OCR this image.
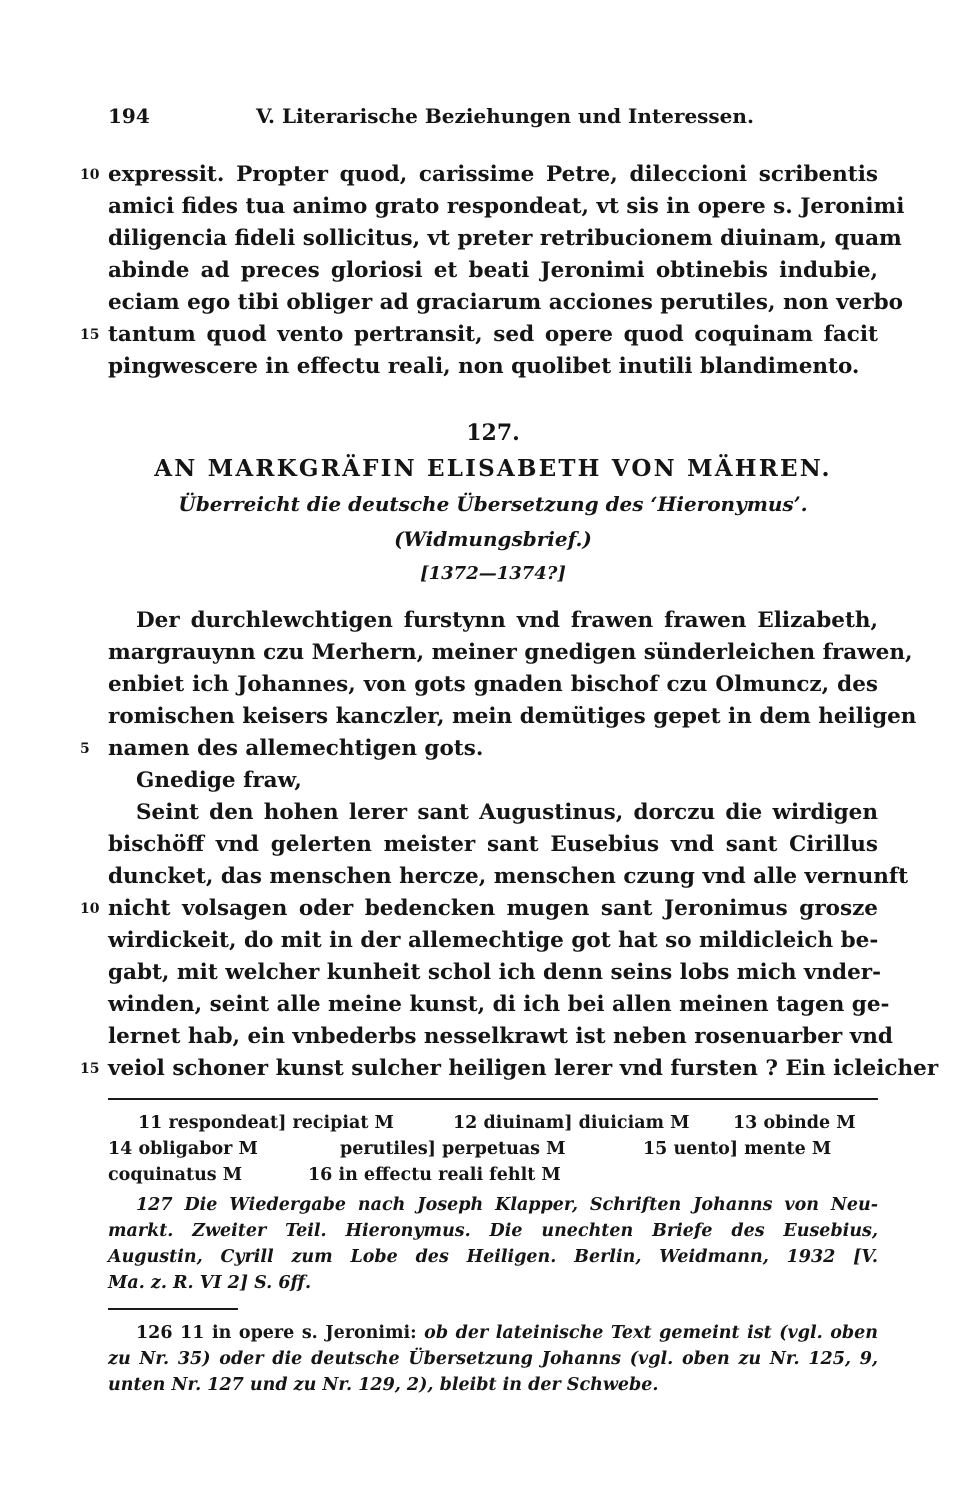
194	V. Literarische Beziehungen und Interessen.
10 expressit. Propter quod, carissime Petre, dileccioni scribentis
amici fides tua animo grato respondeat, vt sis in opere s. Jeronimi
diligencia fideli sollicitus, vt preter retribucionem diuinam, quam
abinde ad preces gloriosi et beati Jeronimi obtinebis indubie,
eciam ego tibi obliger ad graciarum acciones perutiles, non verbo
15 tantum quod vento pertransit, sed opere quod coquinam facit
pingwescere in effectu reali, non quolibet inutili blandimento.
127.
AN MARKGRÄFIN ELISABETH VON MÄHREN.
Überreicht die deutsche Übersetzung des ‘Hieronymus’.
(Widmungsbrief.)
[1372—1374?]
Der durchlewchtigen furstynn vnd frawen frawen Elizabeth,
margrauynn czu Merhern, meiner gnedigen sünderleichen frawen,
enbiet ich Johannes, von gots gnaden bischof czu Olmuncz, des
romischen keisers kanczler, mein demütiges gepet in dem heiligen
5 namen des allemechtigen gots.
Gnedige fraw,
Seint den hohen lerer sant Augustinus, dorczu die wirdigen
bischöff vnd gelerten meister sant Eusebius vnd sant Cirillus
duncket, das menschen hercze, menschen czung vnd alle vernunft
10 nicht volsagen oder bedencken mugen sant Jeronimus grosze
wirdickeit, do mit in der allemechtige got hat so mildicleich be-
gabt, mit welcher kunheit schol ich denn seins lobs mich vnder-
winden, seint alle meine kunst, di ich bei allen meinen tagen ge-
lernet hab, ein vnbederbs nesselkrawt ist neben rosenuarber vnd
15 veiol schoner kunst sulcher heiligen lerer vnd fursten ? Ein icleicher
11 respondeat] recipiat M	12 diuinam] diuiciam M 13 obinde M
14 obligabor M	perutiles] perpetuas M	15 uento] mente M
coquinatus M	16 in effectu reali fehlt M
127 Die Wiedergabe nach Joseph Klapper, Schriften Johanns von Neu-
markt. Zweiter Teil. Hieronymus. Die unechten Briefe des Eusebius,
Augustin, Cyrill zum Lobe des Heiligen. Berlin, Weidmann, 1932 [V.
Ma. z. R. VI 2] S. 6ff.
126 11 in opere s. Jeronimi: ob der lateinische Text gemeint ist (vgl. oben
zu Nr. 35) oder die deutsche Übersetzung Johanns (vgl. oben zu Nr. 125, 9,
unten Nr. 127 und zu Nr. 129, 2), bleibt in der Schwebe.
